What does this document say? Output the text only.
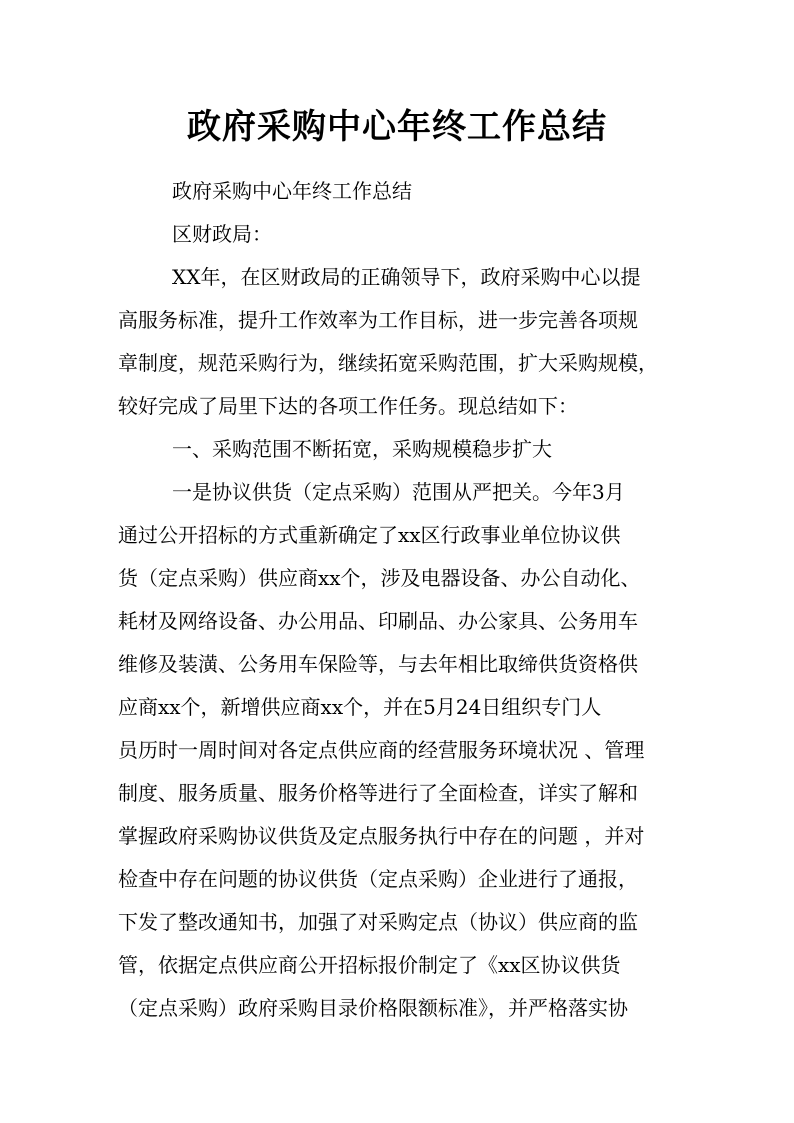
政府采购中心年终工作总结
政府采购中心年终工作总结
区财政局：
XX年，在区财政局的正确领导下，政府采购中心以提
高服务标准，提升工作效率为工作目标，进一步完善各项规
章制度，规范采购行为，继续拓宽采购范围，扩大采购规模，
较好完成了局里下达的各项工作任务。现总结如下：
一、采购范围不断拓宽，采购规模稳步扩大
一是协议供货（定点采购）范围从严把关。今年3月
通过公开招标的方式重新确定了xx区行政事业单位协议供
货（定点采购）供应商xx个，涉及电器设备、办公自动化、
耗材及网络设备、办公用品、印刷品、办公家具、公务用车
维修及装潢、公务用车保险等，与去年相比取缔供货资格供
应商xx个，新增供应商xx个，并在5月24日组织专门人
员历时一周时间对各定点供应商的经营服务环境状况 、管理
制度、服务质量、服务价格等进行了全面检查，详实了解和
掌握政府采购协议供货及定点服务执行中存在的问题 ，并对
检查中存在问题的协议供货（定点采购）企业进行了通报，
下发了整改通知书，加强了对采购定点（协议）供应商的监
管，依据定点供应商公开招标报价制定了《xx区协议供货
（定点采购）政府采购目录价格限额标准》，并严格落实协
